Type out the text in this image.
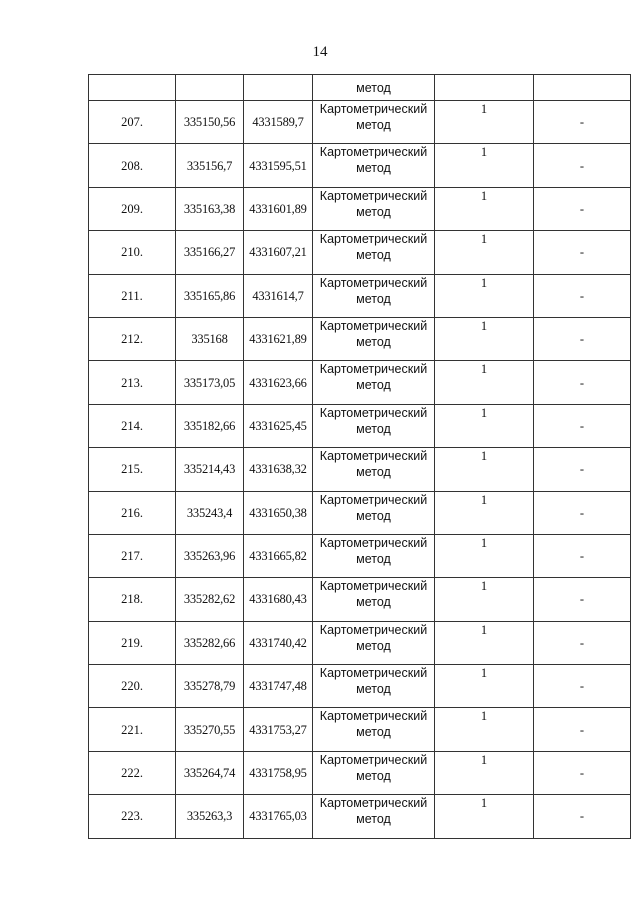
14
			метод		
207.	335150,56	4331589,7	Картометрический метод	1	-
208.	335156,7	4331595,51	Картометрический метод	1	-
209.	335163,38	4331601,89	Картометрический метод	1	-
210.	335166,27	4331607,21	Картометрический метод	1	-
211.	335165,86	4331614,7	Картометрический метод	1	-
212.	335168	4331621,89	Картометрический метод	1	-
213.	335173,05	4331623,66	Картометрический метод	1	-
214.	335182,66	4331625,45	Картометрический метод	1	-
215.	335214,43	4331638,32	Картометрический метод	1	-
216.	335243,4	4331650,38	Картометрический метод	1	-
217.	335263,96	4331665,82	Картометрический метод	1	-
218.	335282,62	4331680,43	Картометрический метод	1	-
219.	335282,66	4331740,42	Картометрический метод	1	-
220.	335278,79	4331747,48	Картометрический метод	1	-
221.	335270,55	4331753,27	Картометрический метод	1	-
222.	335264,74	4331758,95	Картометрический метод	1	-
223.	335263,3	4331765,03	Картометрический метод	1	-
